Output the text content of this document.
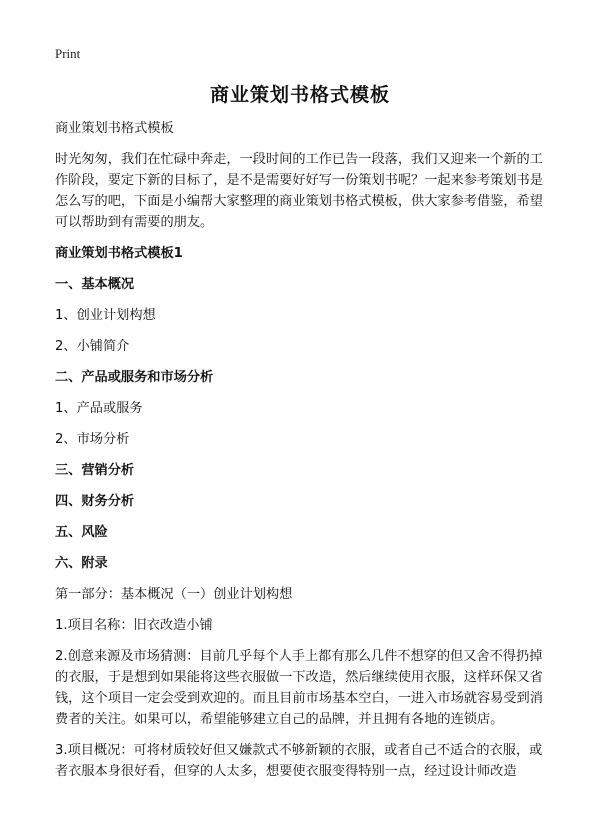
Print
商业策划书格式模板

商业策划书格式模板

时光匆匆，我们在忙碌中奔走，一段时间的工作已告一段落，我们又迎来一个新的工作阶段，要定下新的目标了，是不是需要好好写一份策划书呢？一起来参考策划书是怎么写的吧，下面是小编帮大家整理的商业策划书格式模板，供大家参考借鉴，希望可以帮助到有需要的朋友。

商业策划书格式模板1

一、基本概况

1、创业计划构想

2、小铺简介

二、产品或服务和市场分析

1、产品或服务

2、市场分析

三、营销分析

四、财务分析

五、风险

六、附录

第一部分：基本概况（一）创业计划构想

1.项目名称：旧衣改造小铺

2.创意来源及市场猜测：目前几乎每个人手上都有那么几件不想穿的但又舍不得扔掉的衣服，于是想到如果能将这些衣服做一下改造，然后继续使用衣服，这样环保又省钱，这个项目一定会受到欢迎的。而且目前市场基本空白，一进入市场就容易受到消费者的关注。如果可以，希望能够建立自己的品牌，并且拥有各地的连锁店。

3.项目概况：可将材质较好但又嫌款式不够新颖的衣服，或者自己不适合的衣服，或者衣服本身很好看，但穿的人太多，想要使衣服变得特别一点，经过设计师改造
